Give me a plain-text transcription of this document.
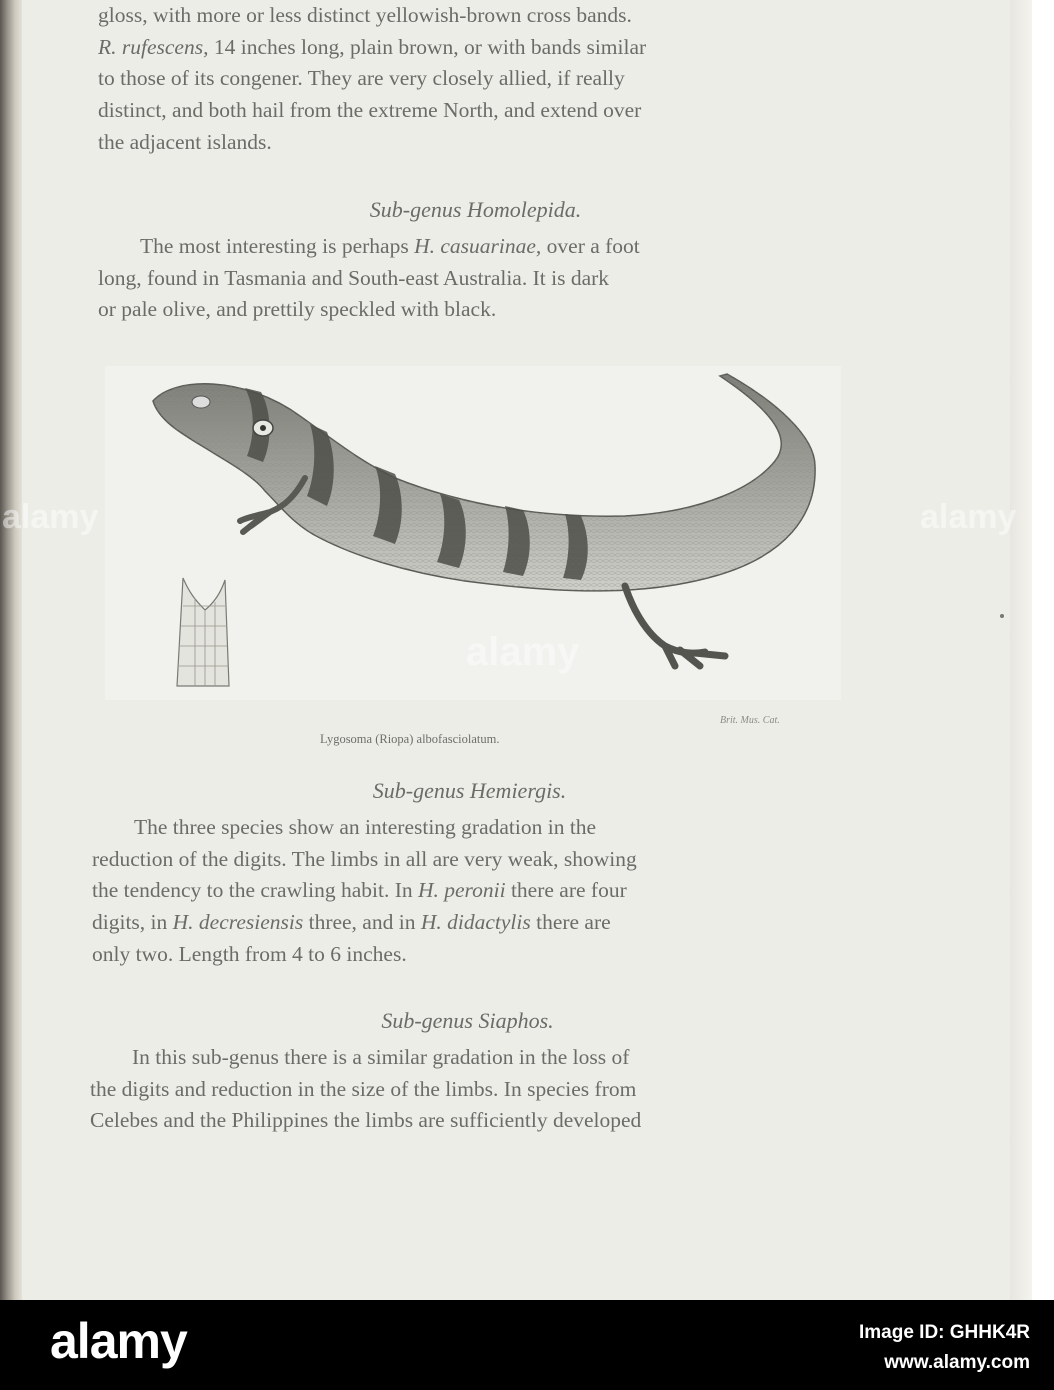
gloss, with more or less distinct yellowish-brown cross bands.
R. rufescens, 14 inches long, plain brown, or with bands similar
to those of its congener. They are very closely allied, if really
distinct, and both hail from the extreme North, and extend over
the adjacent islands.
Sub-genus Homolepida.
The most interesting is perhaps H. casuarinae, over a foot
long, found in Tasmania and South-east Australia. It is dark
or pale olive, and prettily speckled with black.
alamy
alamy
alamy
Brit. Mus. Cat.
Lygosoma (Riopa) albofasciolatum.
Sub-genus Hemiergis.
The three species show an interesting gradation in the
reduction of the digits. The limbs in all are very weak, showing
the tendency to the crawling habit. In H. peronii there are four
digits, in H. decresiensis three, and in H. didactylis there are
only two. Length from 4 to 6 inches.
Sub-genus Siaphos.
In this sub-genus there is a similar gradation in the loss of
the digits and reduction in the size of the limbs. In species from
Celebes and the Philippines the limbs are sufficiently developed
alamy	Image ID: GHHK4R
www.alamy.com
